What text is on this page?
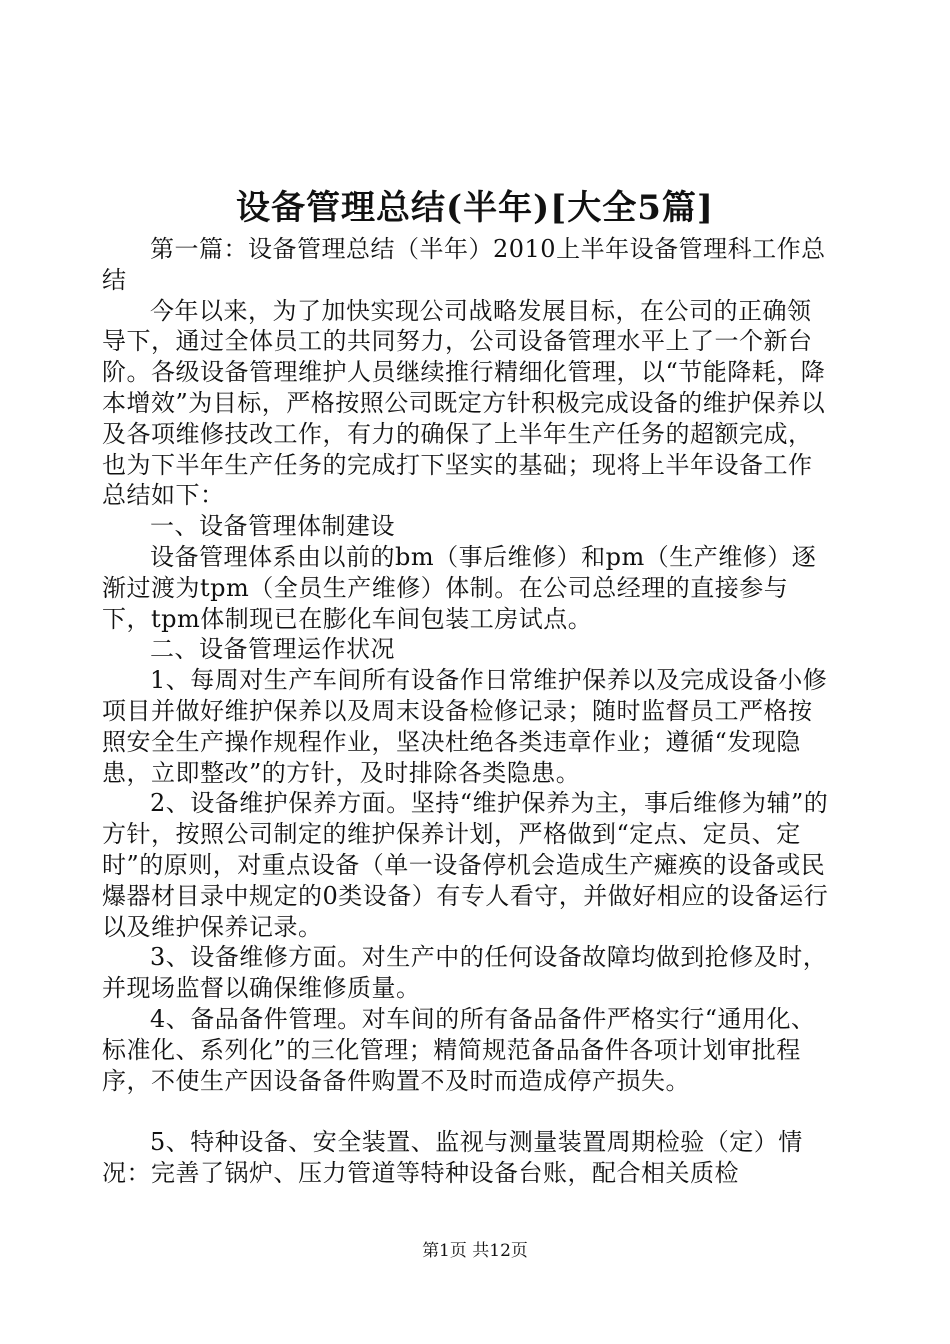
设备管理总结(半年)[大全5篇]

第一篇：设备管理总结（半年）2010上半年设备管理科工作总结

今年以来，为了加快实现公司战略发展目标，在公司的正确领导下，通过全体员工的共同努力，公司设备管理水平上了一个新台阶。各级设备管理维护人员继续推行精细化管理，以“节能降耗，降本增效”为目标，严格按照公司既定方针积极完成设备的维护保养以及各项维修技改工作，有力的确保了上半年生产任务的超额完成，也为下半年生产任务的完成打下坚实的基础；现将上半年设备工作总结如下：

一、设备管理体制建设

设备管理体系由以前的bm（事后维修）和pm（生产维修）逐渐过渡为tpm（全员生产维修）体制。在公司总经理的直接参与下，tpm体制现已在膨化车间包装工房试点。

二、设备管理运作状况

1、每周对生产车间所有设备作日常维护保养以及完成设备小修项目并做好维护保养以及周末设备检修记录；随时监督员工严格按照安全生产操作规程作业，坚决杜绝各类违章作业；遵循“发现隐患，立即整改”的方针，及时排除各类隐患。

2、设备维护保养方面。坚持“维护保养为主，事后维修为辅”的方针，按照公司制定的维护保养计划，严格做到“定点、定员、定时”的原则，对重点设备（单一设备停机会造成生产瘫痪的设备或民爆器材目录中规定的0类设备）有专人看守，并做好相应的设备运行以及维护保养记录。

3、设备维修方面。对生产中的任何设备故障均做到抢修及时，并现场监督以确保维修质量。

4、备品备件管理。对车间的所有备品备件严格实行“通用化、标准化、系列化”的三化管理；精简规范备品备件各项计划审批程序，不使生产因设备备件购置不及时而造成停产损失。

5、特种设备、安全装置、监视与测量装置周期检验（定）情况：完善了锅炉、压力管道等特种设备台账，配合相关质检

第1页 共12页
